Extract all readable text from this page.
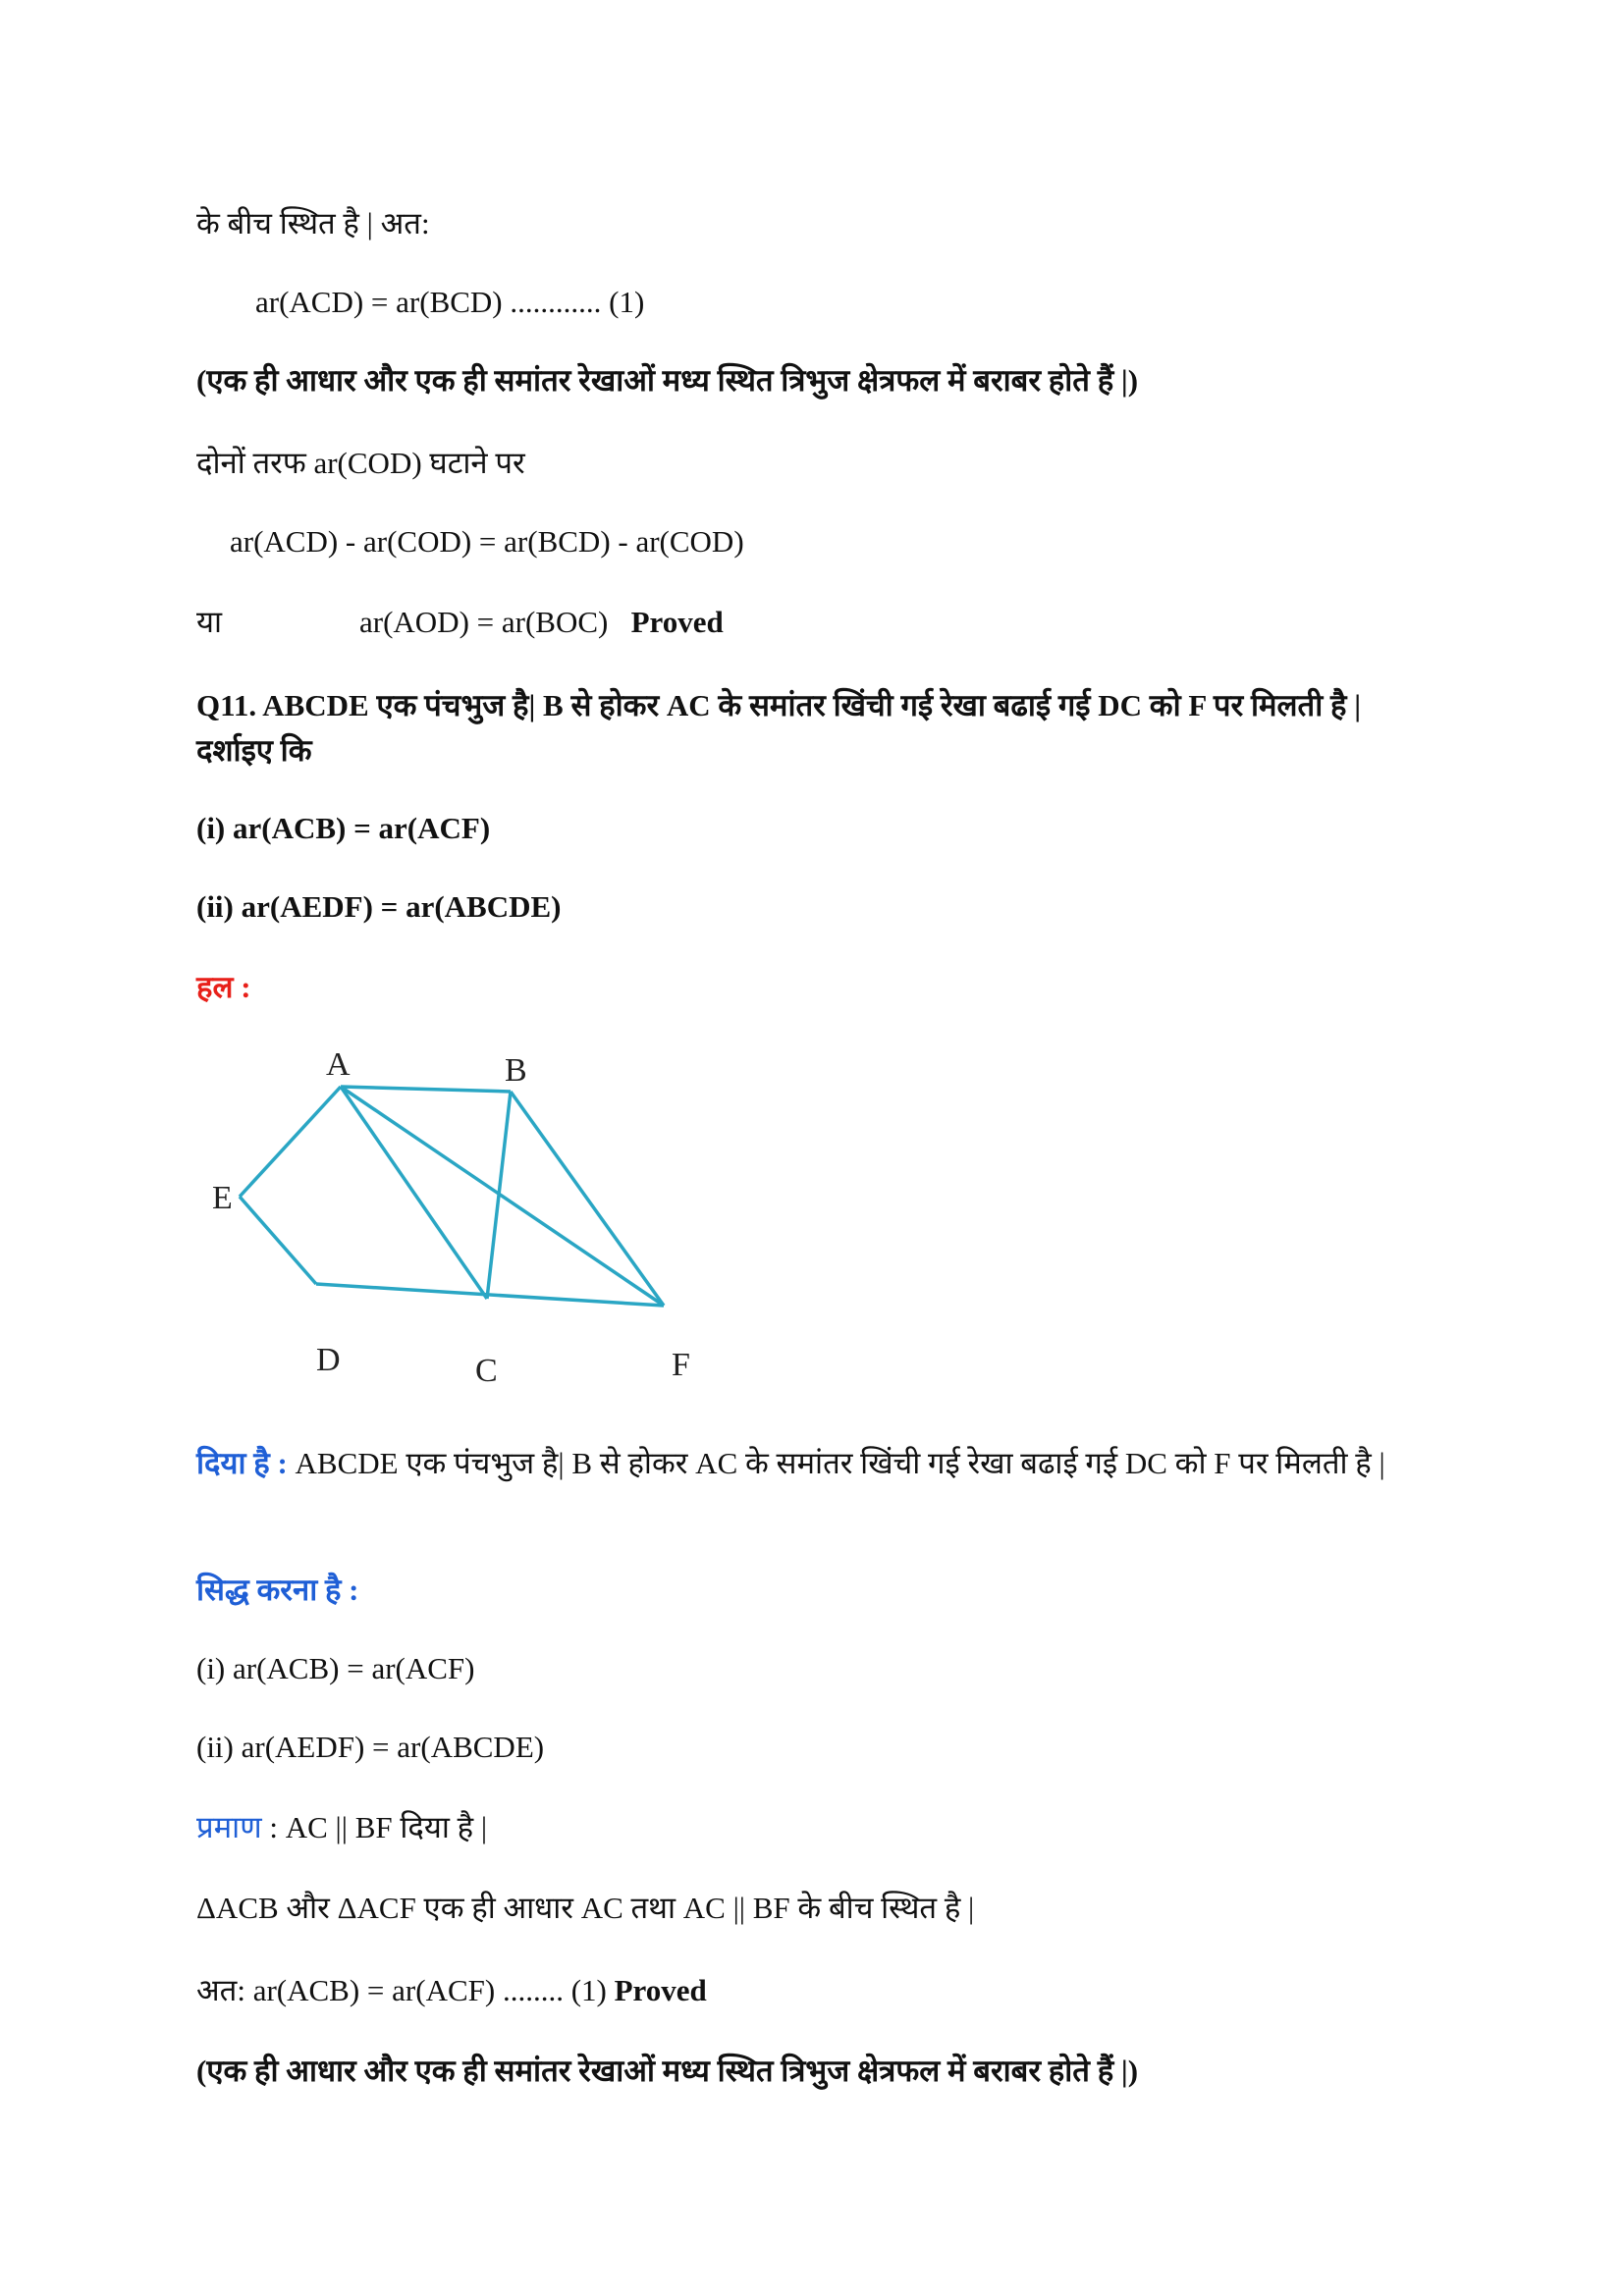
के बीच स्थित है | अत:
ar(ACD) = ar(BCD) ............ (1)
(एक ही आधार और एक ही समांतर रेखाओं मध्य स्थित त्रिभुज क्षेत्रफल में बराबर होते हैं |)
दोनों तरफ ar(COD) घटाने पर
ar(ACD) - ar(COD) = ar(BCD) - ar(COD)
या	ar(AOD) = ar(BOC) Proved
Q11. ABCDE एक पंचभुज है| B से होकर AC के समांतर खिंची गई रेखा बढाई गई DC को F पर मिलती है | दर्शाइए कि
(i) ar(ACB) = ar(ACF)
(ii) ar(AEDF) = ar(ABCDE)
हल :
A	B
E
D	C	F
दिया है : ABCDE एक पंचभुज है| B से होकर AC के समांतर खिंची गई रेखा बढाई गई DC को F पर मिलती है |
सिद्ध करना है :
(i) ar(ACB) = ar(ACF)
(ii) ar(AEDF) = ar(ABCDE)
प्रमाण : AC || BF दिया है |
ΔACB और ΔACF एक ही आधार AC तथा AC || BF के बीच स्थित है |
अत: ar(ACB) = ar(ACF) ........ (1) Proved
(एक ही आधार और एक ही समांतर रेखाओं मध्य स्थित त्रिभुज क्षेत्रफल में बराबर होते हैं |)
